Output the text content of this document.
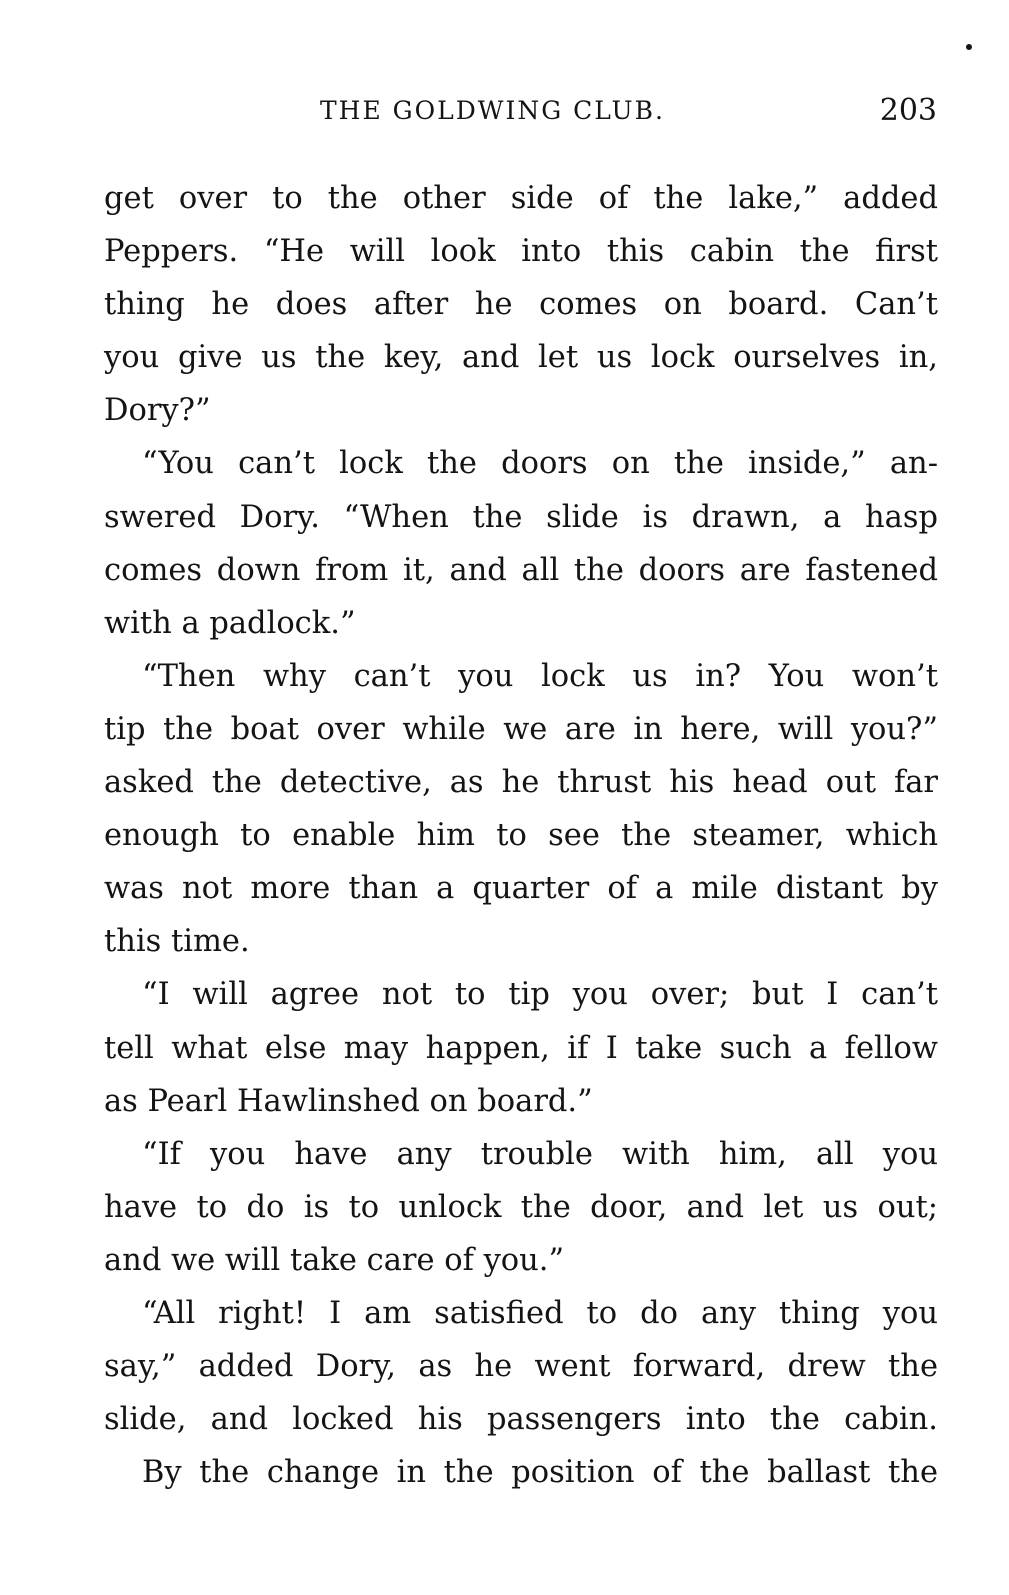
THE GOLDWING CLUB.	203
get over to the other side of the lake,” added
Peppers. “He will look into this cabin the first
thing he does after he comes on board. Can’t
you give us the key, and let us lock ourselves in,
Dory?”
“You can’t lock the doors on the inside,” an-
swered Dory. “When the slide is drawn, a hasp
comes down from it, and all the doors are fastened
with a padlock.”
“Then why can’t you lock us in? You won’t
tip the boat over while we are in here, will you?”
asked the detective, as he thrust his head out far
enough to enable him to see the steamer, which
was not more than a quarter of a mile distant by
this time.
“I will agree not to tip you over; but I can’t
tell what else may happen, if I take such a fellow
as Pearl Hawlinshed on board.”
“If you have any trouble with him, all you
have to do is to unlock the door, and let us out;
and we will take care of you.”
“All right! I am satisfied to do any thing you
say,” added Dory, as he went forward, drew the
slide, and locked his passengers into the cabin.
By the change in the position of the ballast the
